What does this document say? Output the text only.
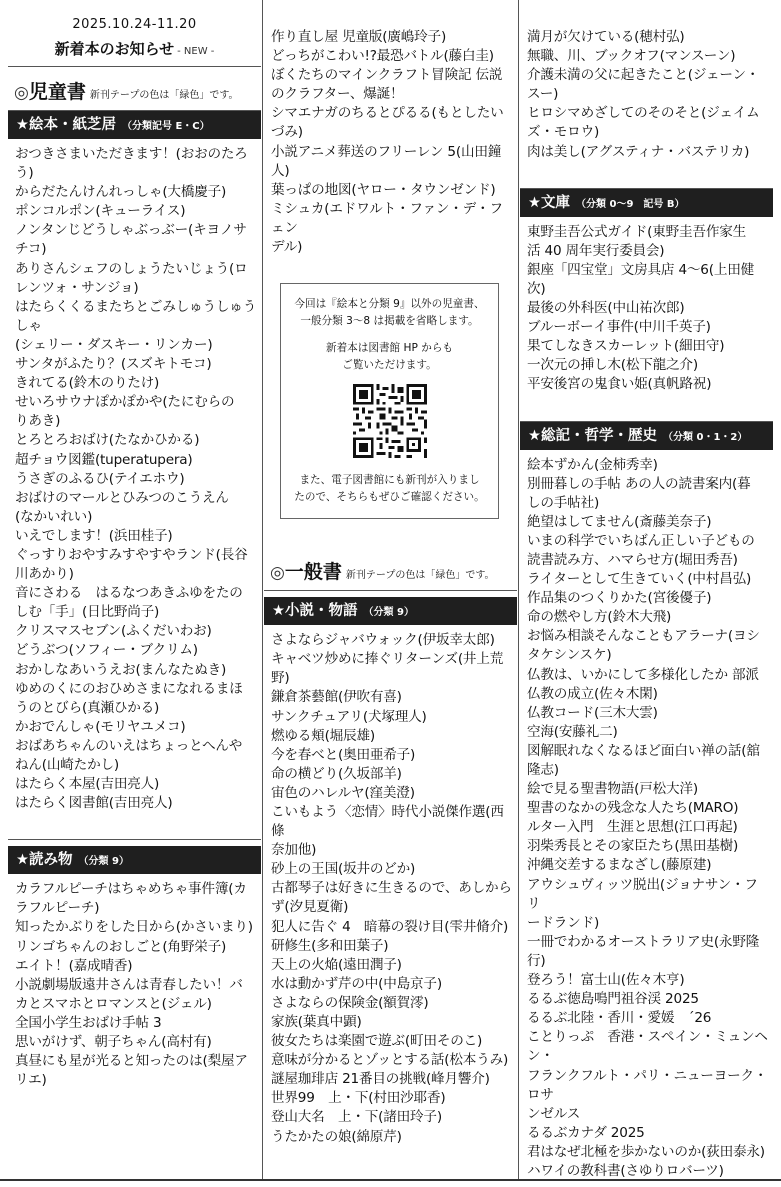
2025.10.24-11.20
新着本のお知らせ - NEW -
◎児童書 新刊テープの色は「緑色」です。
★絵本・紙芝居 （分類記号 E・C）
おつきさまいただきます！(おおのたろう)
からだたんけんれっしゃ(大橋慶子)
ポンコルポン(キューライス)
ノンタンじどうしゃぶっぶー(キヨノサ
チコ)
ありさんシェフのしょうたいじょう(ロ
レンツォ・サンジョ)
はたらくくるまたちとごみしゅうしゅうしゃ
(シェリー・ダスキー・リンカー)
サンタがふたり？(スズキトモコ)
きれてる(鈴木のりたけ)
せいろサウナぽかぽかや(たにむらの
りあき)
とろとろおばけ(たなかひかる)
超チョウ図鑑(tuperatupera)
うさぎのふるひ(テイエホウ)
おばけのマールとひみつのこうえん
(なかいれい)
いえでします！(浜田桂子)
ぐっすりおやすみすやすやランド(長谷
川あかり)
音にさわる　はるなつあきふゆをたの
しむ「手」(日比野尚子)
クリスマスセブン(ふくだいわお)
どうぶつ(ソフィー・ブクリム)
おかしなあいうえお(まんなたぬき)
ゆめのくにのおひめさまになれるまほ
うのとびら(真瀬ひかる)
かおでんしゃ(モリヤユメコ)
おばあちゃんのいえはちょっとへんや
ねん(山崎たかし)
はたらく本屋(吉田亮人)
はたらく図書館(吉田亮人)
★読み物 （分類 9）
カラフルピーチはちゃめちゃ事件簿(カ
ラフルピーチ)
知ったかぶりをした日から(かさいまり)
リンゴちゃんのおしごと(角野栄子)
エイト！(嘉成晴香)
小説劇場版遠井さんは青春したい！バ
カとスマホとロマンスと(ジェル)
全国小学生おばけ手帖 3
思いがけず、朝子ちゃん(高村有)
真昼にも星が光ると知ったのは(梨屋ア
リエ)
作り直し屋 児童版(廣嶋玲子)
どっちがこわい!?最恐バトル(藤白圭)
ぼくたちのマインクラフト冒険記 伝説
のクラフター、爆誕！
シマエナガのちるとぴるる(もとしたい
づみ)
小説アニメ葬送のフリーレン 5(山田鐘
人)
葉っぱの地図(ヤロー・タウンゼンド)
ミシュカ(エドワルト・ファン・デ・フェン
デル)

今回は『絵本と分類 9』以外の児童書、
一般分類 3～8 は掲載を省略します。

新着本は図書館 HP からも
ご覧いただけます。

また、電子図書館にも新刊が入りまし
たので、そちらもぜひご確認ください。

◎一般書 新刊テープの色は「緑色」です。
★小説・物語 （分類 9）
さよならジャバウォック(伊坂幸太郎)
キャベツ炒めに捧ぐリターンズ(井上荒野)
鎌倉茶藝館(伊吹有喜)
サンクチュアリ(犬塚理人)
燃ゆる頬(堀辰雄)
今を春べと(奥田亜希子)
命の横どり(久坂部羊)
宙色のハレルヤ(窪美澄)
こいもよう〈恋情〉時代小説傑作選(西條
奈加他)
砂上の王国(坂井のどか)
古都琴子は好きに生きるので、あしから
ず(汐見夏衛)
犯人に告ぐ 4　暗幕の裂け目(雫井脩介)
研修生(多和田葉子)
天上の火焔(遠田潤子)
水は動かず芹の中(中島京子)
さよならの保険金(額賀澪)
家族(葉真中顕)
彼女たちは楽園で遊ぶ(町田そのこ)
意味が分かるとゾッとする話(松本うみ)
謎屋珈琲店 21番目の挑戦(峰月響介)
世界99　上・下(村田沙耶香)
登山大名　上・下(諸田玲子)
うたかたの娘(綿原芹)
満月が欠けている(穂村弘)
無職、川、ブックオフ(マンスーン)
介護未満の父に起きたこと(ジェーン・スー)
ヒロシマめざしてのそのそと(ジェイム
ズ・モロウ)
肉は美し(アグスティナ・バステリカ)
★文庫 （分類 0～9　記号 B）
東野圭吾公式ガイド(東野圭吾作家生
活 40 周年実行委員会)
銀座「四宝堂」文房具店 4～6(上田健
次)
最後の外科医(中山祐次郎)
ブルーボーイ事件(中川千英子)
果てしなきスカーレット(細田守)
一次元の挿し木(松下龍之介)
平安後宮の鬼食い姫(真帆路祝)
★総記・哲学・歴史 （分類 0・1・2）
絵本ずかん(金柿秀幸)
別冊暮しの手帖 あの人の読書案内(暮
しの手帖社)
絶望はしてません(斎藤美奈子)
いまの科学でいちばん正しい子どもの
読書読み方、ハマらせ方(堀田秀吾)
ライターとして生きていく(中村昌弘)
作品集のつくりかた(宮後優子)
命の燃やし方(鈴木大飛)
お悩み相談そんなこともアラーナ(ヨシ
タケシンスケ)
仏教は、いかにして多様化したか 部派
仏教の成立(佐々木閑)
仏教コード(三木大雲)
空海(安藤礼二)
図解眠れなくなるほど面白い禅の話(舘
隆志)
絵で見る聖書物語(戸松大洋)
聖書のなかの残念な人たち(MARO)
ルター入門　生涯と思想(江口再起)
羽柴秀長とその家臣たち(黒田基樹)
沖縄交差するまなざし(藤原建)
アウシュヴィッツ脱出(ジョナサン・フリ
ードランド)
一冊でわかるオーストラリア史(永野隆行)
登ろう！富士山(佐々木亨)
るるぶ徳島鳴門祖谷渓 2025
るるぶ北陸・香川・愛媛　´26
ことりっぷ　香港・スペイン・ミュンヘン・
フランクフルト・パリ・ニューヨーク・ロサ
ンゼルス
るるぶカナダ 2025
君はなぜ北極を歩かないのか(荻田泰永)
ハワイの教科書(さゆりロバーツ)
